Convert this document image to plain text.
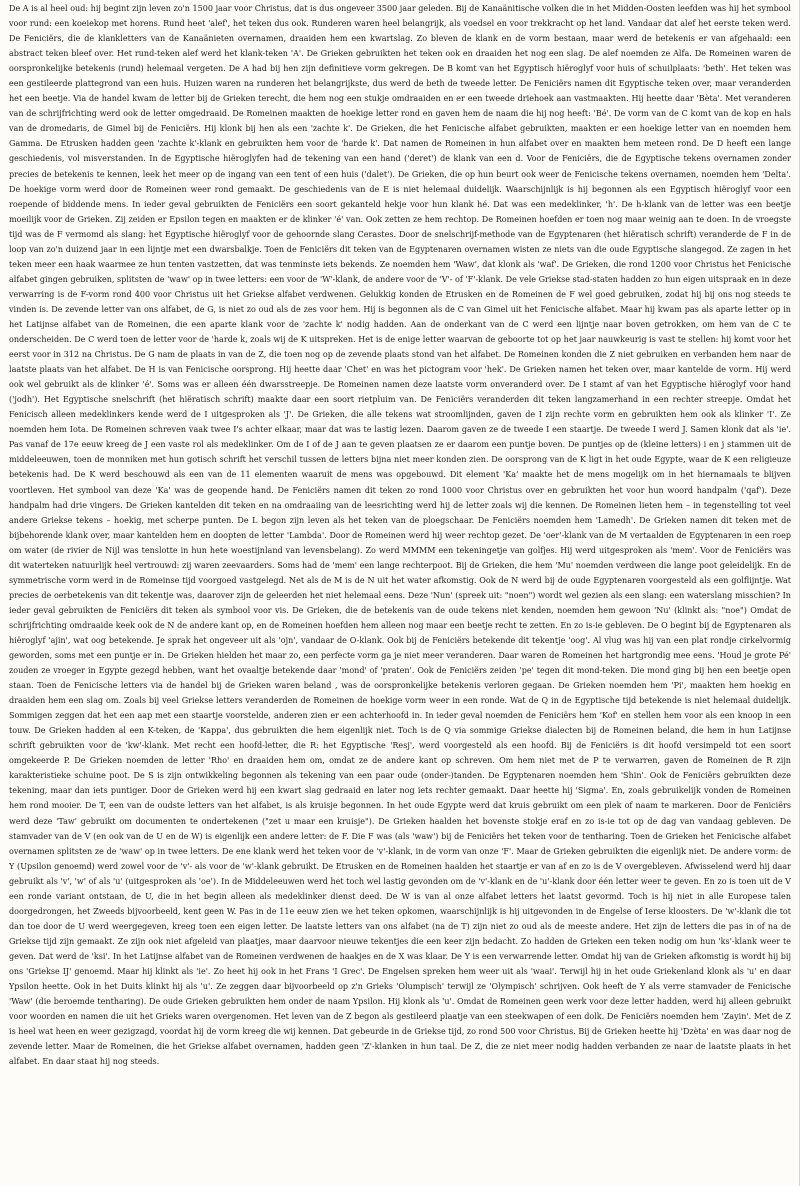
De A is al heel oud: hij begint zijn leven zo'n 1500 jaar voor Christus, dat is dus ongeveer 3500 jaar geleden. Bij de Kanaänitische volken die in het Midden-Oosten leefden was hij het symbool voor rund: een koeiekop met horens. Rund heet 'alef', het teken dus ook. Runderen waren heel belangrijk, als voedsel en voor trekkracht op het land. Vandaar dat alef het eerste teken werd. De Feniciërs, die de klankletters van de Kanaänieten overnamen, draaiden hem een kwartslag. Zo bleven de klank en de vorm bestaan, maar werd de betekenis er van afgehaald: een abstract teken bleef over. Het rund-teken alef werd het klank-teken 'A'. De Grieken gebruikten het teken ook en draaiden het nog een slag. De alef noemden ze Alfa. De Romeinen waren de oorspronkelijke betekenis (rund) helemaal vergeten. De A had bij hen zijn definitieve vorm gekregen. De B komt van het Egyptisch hiëroglyf voor huis of schuilplaats: 'beth'. Het teken was een gestileerde plattegrond van een huis. Huizen waren na runderen het belangrijkste, dus werd de beth de tweede letter. De Feniciërs namen dit Egyptische teken over, maar veranderden het een beetje. Via de handel kwam de letter bij de Grieken terecht, die hem nog een stukje omdraaiden en er een tweede driehoek aan vastmaakten. Hij heette daar 'Bèta'. Met veranderen van de schrijfrichting werd ook de letter omgedraaid. De Romeinen maakten de hoekige letter rond en gaven hem de naam die hij nog heeft: 'Bé'. De vorm van de C komt van de kop en hals van de dromedaris, de Gimel bij de Feniciërs. Hij klonk bij hen als een 'zachte k'. De Grieken, die het Fenicische alfabet gebruikten, maakten er een hoekige letter van en noemden hem Gamma. De Etrusken hadden geen 'zachte k'-klank en gebruikten hem voor de 'harde k'. Dat namen de Romeinen in hun alfabet over en maakten hem meteen rond. De D heeft een lange geschiedenis, vol misverstanden. In de Egyptische hiëroglyfen had de tekening van een hand ('deret') de klank van een d. Voor de Feniciërs, die de Egyptische tekens overnamen zonder precies de betekenis te kennen, leek het meer op de ingang van een tent of een huis ('dalet'). De Grieken, die op hun beurt ook weer de Fenicische tekens overnamen, noemden hem 'Delta'. De hoekige vorm werd door de Romeinen weer rond gemaakt. De geschiedenis van de E is niet helemaal duidelijk. Waarschijnlijk is hij begonnen als een Egyptisch hiëroglyf voor een roepende of biddende mens. In ieder geval gebruikten de Feniciërs een soort gekanteld hekje voor hun klank hé. Dat was een medeklinker, 'h'. De h-klank van de letter was een beetje moeilijk voor de Grieken. Zij zeiden er Epsilon tegen en maakten er de klinker 'é' van. Ook zetten ze hem rechtop. De Romeinen hoefden er toen nog maar weinig aan te doen. In de vroegste tijd was de F vermomd als slang: het Egyptische hiëroglyf voor de gehoornde slang Cerastes. Door de snelschrijf-methode van de Egyptenaren (het hiëratisch schrift) veranderde de F in de loop van zo'n duizend jaar in een lijntje met een dwarsbalkje. Toen de Feniciërs dit teken van de Egyptenaren overnamen wisten ze niets van die oude Egyptische slangegod. Ze zagen in het teken meer een haak waarmee ze hun tenten vastzetten, dat was tenminste iets bekends. Ze noemden hem 'Waw', dat klonk als 'waf'. De Grieken, die rond 1200 voor Christus het Fenicische alfabet gingen gebruiken, splitsten de 'waw' op in twee letters: een voor de 'W'-klank, de andere voor de 'V'- of 'F'-klank. De vele Griekse stad-staten hadden zo hun eigen uitspraak en in deze verwarring is de F-vorm rond 400 voor Christus uit het Griekse alfabet verdwenen. Gelukkig konden de Etrusken en de Romeinen de F wel goed gebruiken, zodat hij bij ons nog steeds te vinden is. De zevende letter van ons alfabet, de G, is niet zo oud als de zes voor hem. Hij is begonnen als de C van Gimel uit het Fenicische alfabet. Maar hij kwam pas als aparte letter op in het Latijnse alfabet van de Romeinen, die een aparte klank voor de 'zachte k' nodig hadden. Aan de onderkant van de C werd een lijntje naar boven getrokken, om hem van de C te onderscheiden. De C werd toen de letter voor de 'harde k, zoals wij de K uitspreken. Het is de enige letter waarvan de geboorte tot op het jaar nauwkeurig is vast te stellen: hij komt voor het eerst voor in 312 na Christus. De G nam de plaats in van de Z, die toen nog op de zevende plaats stond van het alfabet. De Romeinen konden die Z niet gebruiken en verbanden hem naar de laatste plaats van het alfabet. De H is van Fenicische oorsprong. Hij heette daar 'Chet' en was het pictogram voor 'hek'. De Grieken namen het teken over, maar kantelde de vorm. Hij werd ook wel gebruikt als de klinker 'é'. Soms was er alleen één dwarsstreepje. De Romeinen namen deze laatste vorm onveranderd over. De I stamt af van het Egyptische hiëroglyf voor hand ('jodh'). Het Egyptische snelschrift (het hiëratisch schrift) maakte daar een soort rietpluim van. De Feniciërs veranderden dit teken langzamerhand in een rechter streepje. Omdat het Fenicisch alleen medeklinkers kende werd de I uitgesproken als 'J'. De Grieken, die alle tekens wat stroomlijnden, gaven de I zijn rechte vorm en gebruikten hem ook als klinker 'I'. Ze noemden hem Iota. De Romeinen schreven vaak twee I's achter elkaar, maar dat was te lastig lezen. Daarom gaven ze de tweede I een staartje. De tweede I werd J. Samen klonk dat als 'ie'. Pas vanaf de 17e eeuw kreeg de J een vaste rol als medeklinker. Om de I of de J aan te geven plaatsen ze er daarom een puntje boven. De puntjes op de (kleine letters) i en j stammen uit de middeleeuwen, toen de monniken met hun gotisch schrift het verschil tussen de letters bijna niet meer konden zien. De oorsprong van de K ligt in het oude Egypte, waar de K een religieuze betekenis had. De K werd beschouwd als een van de 11 elementen waaruit de mens was opgebouwd. Dit element 'Ka' maakte het de mens mogelijk om in het hiernamaals te blijven voortleven. Het symbool van deze 'Ka' was de geopende hand. De Feniciërs namen dit teken zo rond 1000 voor Christus over en gebruikten het voor hun woord handpalm ('qaf'). Deze handpalm had drie vingers. De Grieken kantelden dit teken en na omdraaiing van de leesrichting werd hij de letter zoals wij die kennen. De Romeinen lieten hem – in tegenstelling tot veel andere Griekse tekens – hoekig, met scherpe punten. De L begon zijn leven als het teken van de ploegschaar. De Feniciërs noemden hem 'Lamedh'. De Grieken namen dit teken met de bijbehorende klank over, maar kantelden hem en doopten de letter 'Lambda'. Door de Romeinen werd hij weer rechtop gezet. De 'oer'-klank van de M vertaalden de Egyptenaren in een roep om water (de rivier de Nijl was tenslotte in hun hete woestijnland van levensbelang). Zo werd MMMM een tekeningetje van golfjes. Hij werd uitgesproken als 'mem'. Voor de Feniciërs was dit waterteken natuurlijk heel vertrouwd: zij waren zeevaarders. Soms had de 'mem' een lange rechterpoot. Bij de Grieken, die hem 'Mu' noemden verdween die lange poot geleidelijk. En de symmetrische vorm werd in de Romeinse tijd voorgoed vastgelegd. Net als de M is de N uit het water afkomstig. Ook de N werd bij de oude Egyptenaren voorgesteld als een golflijntje. Wat precies de oerbetekenis van dit tekentje was, daarover zijn de geleerden het niet helemaal eens. Deze 'Nun' (spreek uit: "noen") wordt wel gezien als een slang: een waterslang misschien? In ieder geval gebruikten de Feniciërs dit teken als symbool voor vis. De Grieken, die de betekenis van de oude tekens niet kenden, noemden hem gewoon 'Nu' (klinkt als: "noe") Omdat de schrijfrichting omdraaide keek ook de N de andere kant op, en de Romeinen hoefden hem alleen nog maar een beetje recht te zetten. En zo is-ie gebleven. De O begint bij de Egyptenaren als hiëroglyf 'ajin', wat oog betekende. Je sprak het ongeveer uit als 'ojn', vandaar de O-klank. Ook bij de Feniciërs betekende dit tekentje 'oog'. Al vlug was hij van een plat rondje cirkelvormig geworden, soms met een puntje er in. De Grieken hielden het maar zo, een perfecte vorm ga je niet meer veranderen. Daar waren de Romeinen het hartgrondig mee eens. 'Houd je grote Pé' zouden ze vroeger in Egypte gezegd hebben, want het ovaaltje betekende daar 'mond' of 'praten'. Ook de Feniciërs zeiden 'pe' tegen dit mond-teken. Die mond ging bij hen een beetje open staan. Toen de Fenicische letters via de handel bij de Grieken waren beland , was de oorspronkelijke betekenis verloren gegaan. De Grieken noemden hem 'Pi', maakten hem hoekig en draaiden hem een slag om. Zoals bij veel Griekse letters veranderden de Romeinen de hoekige vorm weer in een ronde. Wat de Q in de Egyptische tijd betekende is niet helemaal duidelijk. Sommigen zeggen dat het een aap met een staartje voorstelde, anderen zien er een achterhoofd in. In ieder geval noemden de Feniciërs hem 'Kof' en stellen hem voor als een knoop in een touw. De Grieken hadden al een K-teken, de 'Kappa', dus gebruikten die hem eigenlijk niet. Toch is de Q via sommige Griekse dialecten bij de Romeinen beland, die hem in hun Latijnse schrift gebruikten voor de 'kw'-klank. Met recht een hoofd-letter, die R: het Egyptische 'Resj', werd voorgesteld als een hoofd. Bij de Feniciërs is dit hoofd versimpeld tot een soort omgekeerde P. De Grieken noemden de letter 'Rho' en draaiden hem om, omdat ze de andere kant op schreven. Om hem niet met de P te verwarren, gaven de Romeinen de R zijn karakteristieke schuine poot. De S is zijn ontwikkeling begonnen als tekening van een paar oude (onder-)tanden. De Egyptenaren noemden hem 'Shin'. Ook de Feniciërs gebruikten deze tekening, maar dan iets puntiger. Door de Grieken werd hij een kwart slag gedraaid en later nog iets rechter gemaakt. Daar heette hij 'Sigma'. En, zoals gebruikelijk vonden de Romeinen hem rond mooier. De T, een van de oudste letters van het alfabet, is als kruisje begonnen. In het oude Egypte werd dat kruis gebruikt om een plek of naam te markeren. Door de Feniciërs werd deze 'Taw' gebruikt om documenten te ondertekenen ("zet u maar een kruisje"). De Grieken haalden het bovenste stokje eraf en zo is-ie tot op de dag van vandaag gebleven. De stamvader van de V (en ook van de U en de W) is eigenlijk een andere letter: de F. Die F was (als 'waw') bij de Feniciërs het teken voor de tentharing. Toen de Grieken het Fenicische alfabet overnamen splitsten ze de 'waw' op in twee letters. De ene klank werd het teken voor de 'v'-klank, in de vorm van onze 'F'. Maar de Grieken gebruikten die eigenlijk niet. De andere vorm: de Y (Upsilon genoemd) werd zowel voor de 'v'- als voor de 'w'-klank gebruikt. De Etrusken en de Romeinen haalden het staartje er van af en zo is de V overgebleven. Afwisselend werd hij daar gebruikt als 'v', 'w' of als 'u' (uitgesproken als 'oe'). In de Middeleeuwen werd het toch wel lastig gevonden om de 'v'-klank en de 'u'-klank door één letter weer te geven. En zo is toen uit de V een ronde variant ontstaan, de U, die in het begin alleen als medeklinker dienst deed. De W is van al onze alfabet letters het laatst gevormd. Toch is hij niet in alle Europese talen doorgedrongen, het Zweeds bijvoorbeeld, kent geen W. Pas in de 11e eeuw zien we het teken opkomen, waarschijnlijk is hij uitgevonden in de Engelse of Ierse kloosters. De 'w'-klank die tot dan toe door de U werd weergegeven, kreeg toen een eigen letter. De laatste letters van ons alfabet (na de T) zijn niet zo oud als de meeste andere. Het zijn de letters die pas in of na de Griekse tijd zijn gemaakt. Ze zijn ook niet afgeleid van plaatjes, maar daarvoor nieuwe tekentjes die een keer zijn bedacht. Zo hadden de Grieken een teken nodig om hun 'ks'-klank weer te geven. Dat werd de 'ksi'. In het Latijnse alfabet van de Romeinen verdwenen de haakjes en de X was klaar. De Y is een verwarrende letter. Omdat hij van de Grieken afkomstig is wordt hij bij ons 'Griekse IJ' genoemd. Maar hij klinkt als 'ie'. Zo heet hij ook in het Frans 'I Grec'. De Engelsen spreken hem weer uit als 'waai'. Terwijl hij in het oude Griekenland klonk als 'u' en daar Ypsilon heette. Ook in het Duits klinkt hij als 'u'. Ze zeggen daar bijvoorbeeld op z'n Grieks 'Olumpisch' terwijl ze 'Olympisch' schrijven. Ook heeft de Y als verre stamvader de Fenicische 'Waw' (die beroemde tentharing). De oude Grieken gebruikten hem onder de naam Ypsilon. Hij klonk als 'u'. Omdat de Romeinen geen werk voor deze letter hadden, werd hij alleen gebruikt voor woorden en namen die uit het Grieks waren overgenomen. Het leven van de Z begon als gestileerd plaatje van een steekwapen of een dolk. De Feniciërs noemden hem 'Zayin'. Met de Z is heel wat heen en weer gezigzagd, voordat hij de vorm kreeg die wij kennen. Dat gebeurde in de Griekse tijd, zo rond 500 voor Christus. Bij de Grieken heette hij 'Dzèta' en was daar nog de zevende letter. Maar de Romeinen, die het Griekse alfabet overnamen, hadden geen 'Z'-klanken in hun taal. De Z, die ze niet meer nodig hadden verbanden ze naar de laatste plaats in het alfabet. En daar staat hij nog steeds.
